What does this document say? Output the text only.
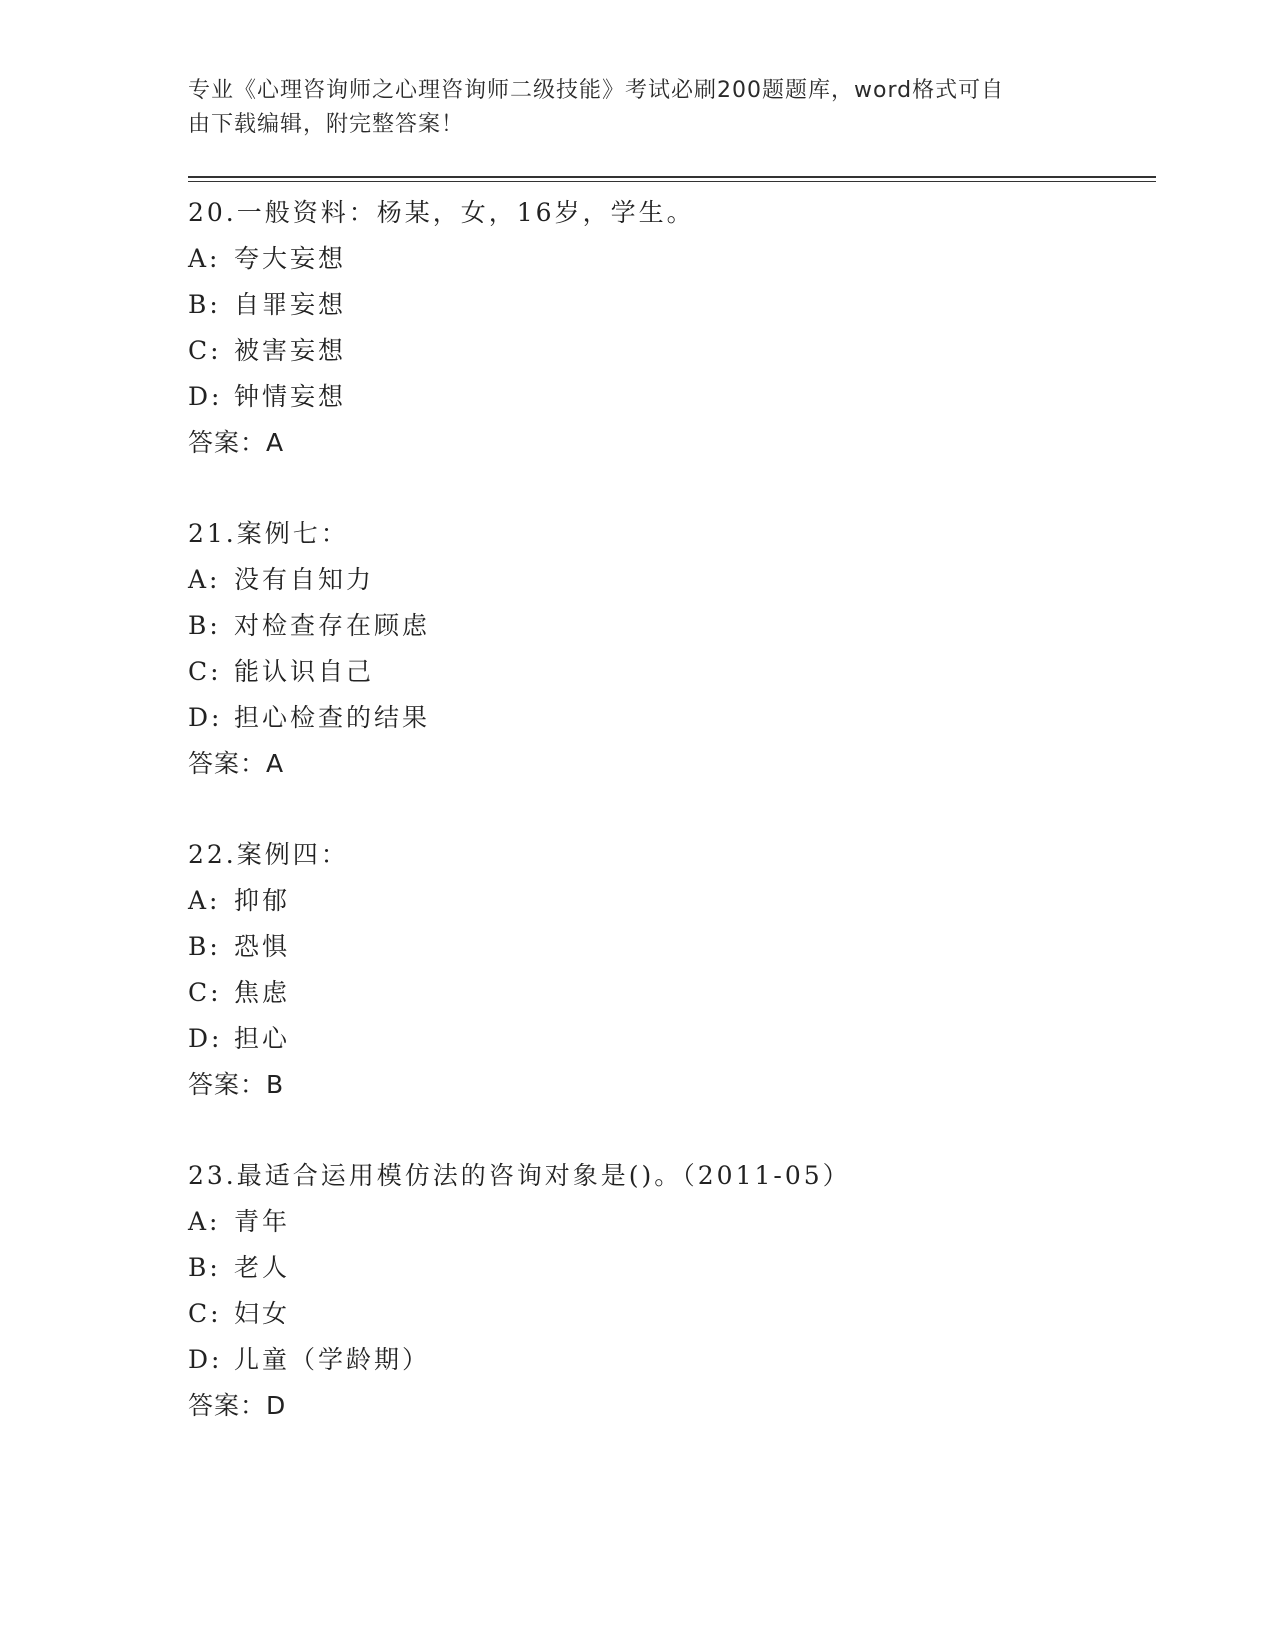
专业《心理咨询师之心理咨询师二级技能》考试必刷200题题库，word格式可自
由下载编辑，附完整答案！
20.一般资料：杨某，女，16岁，学生。
A: 夸大妄想
B: 自罪妄想
C: 被害妄想
D: 钟情妄想
答案：A
21.案例七：
A: 没有自知力
B: 对检查存在顾虑
C: 能认识自己
D: 担心检查的结果
答案：A
22.案例四：
A: 抑郁
B: 恐惧
C: 焦虑
D: 担心
答案：B
23.最适合运用模仿法的咨询对象是()。（2011-05）
A: 青年
B: 老人
C: 妇女
D: 儿童（学龄期）
答案：D
